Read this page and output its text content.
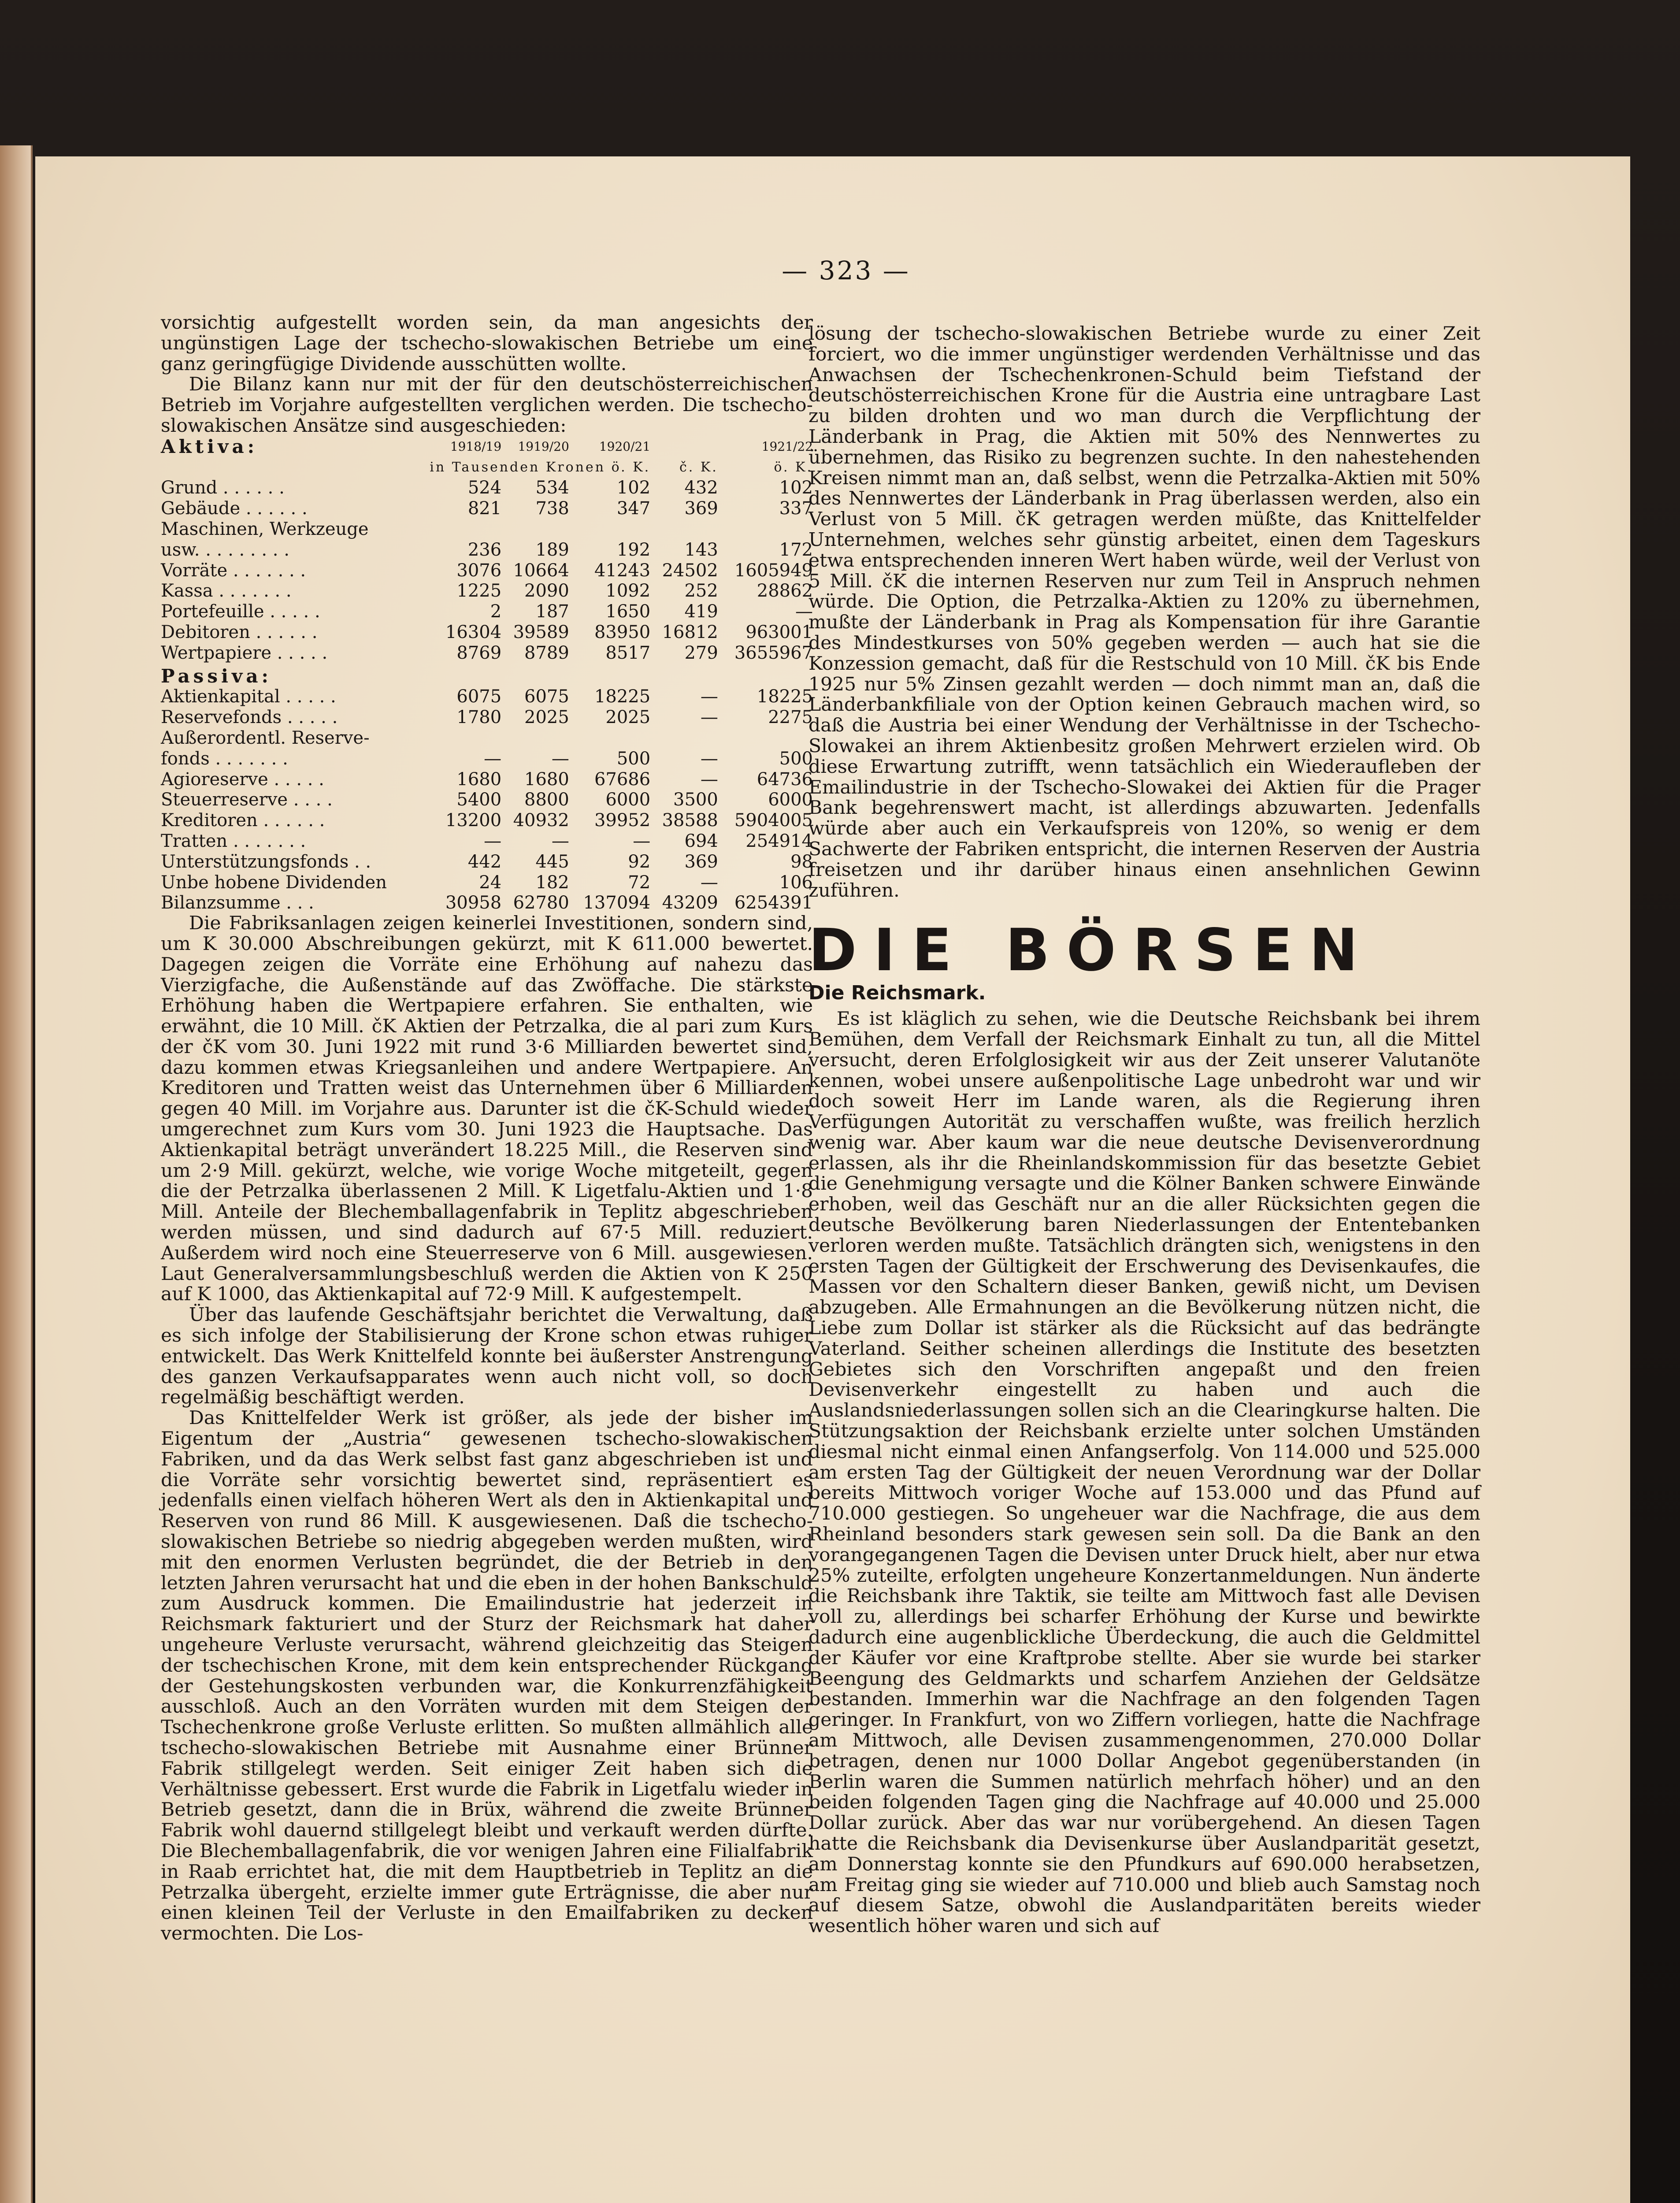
— 323 —

vorsichtig aufgestellt worden sein, da man angesichts der ungünstigen Lage der tschecho-slowakischen Betriebe um eine ganz geringfügige Dividende ausschütten wollte.

Die Bilanz kann nur mit der für den deutschösterreichischen Betrieb im Vorjahre aufgestellten verglichen werden. Die tschecho-slowakischen Ansätze sind ausgeschieden:

Aktiva:	1918/19	1919/20	1920/21		1921/22
in Tausenden Kronen ö. K.				č. K.	ö. K.
Grund . . . . . .	524	534	102	432	102
Gebäude . . . . . .	821	738	347	369	337
Maschinen, Werkzeuge					
usw. . . . . . . . .	236	189	192	143	172
Vorräte . . . . . . .	3076	10664	41243	24502	1605949
Kassa . . . . . . .	1225	2090	1092	252	28862
Portefeuille . . . . .	2	187	1650	419	—
Debitoren . . . . . .	16304	39589	83950	16812	963001
Wertpapiere . . . . .	8769	8789	8517	279	3655967
Passiva:					
Aktienkapital . . . . .	6075	6075	18225	—	18225
Reservefonds . . . . .	1780	2025	2025	—	2275
Außerordentl. Reserve-					
fonds . . . . . . .	—	—	500	—	500
Agioreserve . . . . .	1680	1680	67686	—	64736
Steuerreserve . . . .	5400	8800	6000	3500	6000
Kreditoren . . . . . .	13200	40932	39952	38588	5904005
Tratten . . . . . . .	—	—	—	694	254914
Unterstützungsfonds . .	442	445	92	369	98
Unbe hobene Dividenden	24	182	72	—	106
Bilanzsumme . . .	30958	62780	137094	43209	6254391

Die Fabriksanlagen zeigen keinerlei Investitionen, sondern sind, um K 30.000 Abschreibungen gekürzt, mit K 611.000 bewertet. Dagegen zeigen die Vorräte eine Erhöhung auf nahezu das Vierzigfache, die Außenstände auf das Zwöffache. Die stärkste Erhöhung haben die Wertpapiere erfahren. Sie enthalten, wie erwähnt, die 10 Mill. čK Aktien der Petrzalka, die al pari zum Kurs der čK vom 30. Juni 1922 mit rund 3·6 Milliarden bewertet sind, dazu kommen etwas Kriegsanleihen und andere Wertpapiere. An Kreditoren und Tratten weist das Unternehmen über 6 Milliarden gegen 40 Mill. im Vorjahre aus. Darunter ist die čK-Schuld wieder umgerechnet zum Kurs vom 30. Juni 1923 die Hauptsache. Das Aktienkapital beträgt unverändert 18.225 Mill., die Reserven sind um 2·9 Mill. gekürzt, welche, wie vorige Woche mitgeteilt, gegen die der Petrzalka überlassenen 2 Mill. K Ligetfalu-Aktien und 1·8 Mill. Anteile der Blechemballagenfabrik in Teplitz abgeschrieben werden müssen, und sind dadurch auf 67·5 Mill. reduziert. Außerdem wird noch eine Steuerreserve von 6 Mill. ausgewiesen. Laut Generalversammlungsbeschluß werden die Aktien von K 250 auf K 1000, das Aktienkapital auf 72·9 Mill. K aufgestempelt.

Über das laufende Geschäftsjahr berichtet die Verwaltung, daß es sich infolge der Stabilisierung der Krone schon etwas ruhiger entwickelt. Das Werk Knittelfeld konnte bei äußerster Anstrengung des ganzen Verkaufsapparates wenn auch nicht voll, so doch regelmäßig beschäftigt werden.

Das Knittelfelder Werk ist größer, als jede der bisher im Eigentum der „Austria“ gewesenen tschecho-slowakischen Fabriken, und da das Werk selbst fast ganz abgeschrieben ist und die Vorräte sehr vorsichtig bewertet sind, repräsentiert es jedenfalls einen vielfach höheren Wert als den in Aktienkapital und Reserven von rund 86 Mill. K ausgewiesenen. Daß die tschecho-slowakischen Betriebe so niedrig abgegeben werden mußten, wird mit den enormen Verlusten begründet, die der Betrieb in den letzten Jahren verursacht hat und die eben in der hohen Bankschuld zum Ausdruck kommen. Die Emailindustrie hat jederzeit in Reichsmark fakturiert und der Sturz der Reichsmark hat daher ungeheure Verluste verursacht, während gleichzeitig das Steigen der tschechischen Krone, mit dem kein entsprechender Rückgang der Gestehungskosten verbunden war, die Konkurrenzfähigkeit ausschloß. Auch an den Vorräten wurden mit dem Steigen der Tschechenkrone große Verluste erlitten. So mußten allmählich alle tschecho-slowakischen Betriebe mit Ausnahme einer Brünner Fabrik stillgelegt werden. Seit einiger Zeit haben sich die Verhältnisse gebessert. Erst wurde die Fabrik in Ligetfalu wieder in Betrieb gesetzt, dann die in Brüx, während die zweite Brünner Fabrik wohl dauernd stillgelegt bleibt und verkauft werden dürfte. Die Blechemballagenfabrik, die vor wenigen Jahren eine Filialfabrik in Raab errichtet hat, die mit dem Hauptbetrieb in Teplitz an die Petrzalka übergeht, erzielte immer gute Erträgnisse, die aber nur einen kleinen Teil der Verluste in den Emailfabriken zu decken vermochten. Die Los-

lösung der tschecho-slowakischen Betriebe wurde zu einer Zeit forciert, wo die immer ungünstiger werdenden Verhältnisse und das Anwachsen der Tschechenkronen-Schuld beim Tiefstand der deutschösterreichischen Krone für die Austria eine untragbare Last zu bilden drohten und wo man durch die Verpflichtung der Länderbank in Prag, die Aktien mit 50% des Nennwertes zu übernehmen, das Risiko zu begrenzen suchte. In den nahestehenden Kreisen nimmt man an, daß selbst, wenn die Petrzalka-Aktien mit 50% des Nennwertes der Länderbank in Prag überlassen werden, also ein Verlust von 5 Mill. čK getragen werden müßte, das Knittelfelder Unternehmen, welches sehr günstig arbeitet, einen dem Tageskurs etwa entsprechenden inneren Wert haben würde, weil der Verlust von 5 Mill. čK die internen Reserven nur zum Teil in Anspruch nehmen würde. Die Option, die Petrzalka-Aktien zu 120% zu übernehmen, mußte der Länderbank in Prag als Kompensation für ihre Garantie des Mindestkurses von 50% gegeben werden — auch hat sie die Konzession gemacht, daß für die Restschuld von 10 Mill. čK bis Ende 1925 nur 5% Zinsen gezahlt werden — doch nimmt man an, daß die Länderbankfiliale von der Option keinen Gebrauch machen wird, so daß die Austria bei einer Wendung der Verhältnisse in der Tschecho-Slowakei an ihrem Aktienbesitz großen Mehrwert erzielen wird. Ob diese Erwartung zutrifft, wenn tatsächlich ein Wiederaufleben der Emailindustrie in der Tschecho-Slowakei dei Aktien für die Prager Bank begehrenswert macht, ist allerdings abzuwarten. Jedenfalls würde aber auch ein Verkaufspreis von 120%, so wenig er dem Sachwerte der Fabriken entspricht, die internen Reserven der Austria freisetzen und ihr darüber hinaus einen ansehnlichen Gewinn zuführen.

DIE BÖRSEN
Die Reichsmark.

Es ist kläglich zu sehen, wie die Deutsche Reichsbank bei ihrem Bemühen, dem Verfall der Reichsmark Einhalt zu tun, all die Mittel versucht, deren Erfolglosigkeit wir aus der Zeit unserer Valutanöte kennen, wobei unsere außenpolitische Lage unbedroht war und wir doch soweit Herr im Lande waren, als die Regierung ihren Verfügungen Autorität zu verschaffen wußte, was freilich herzlich wenig war. Aber kaum war die neue deutsche Devisenverordnung erlassen, als ihr die Rheinlandskommission für das besetzte Gebiet die Genehmigung versagte und die Kölner Banken schwere Einwände erhoben, weil das Geschäft nur an die aller Rücksichten gegen die deutsche Bevölkerung baren Niederlassungen der Ententebanken verloren werden mußte. Tatsächlich drängten sich, wenigstens in den ersten Tagen der Gültigkeit der Erschwerung des Devisenkaufes, die Massen vor den Schaltern dieser Banken, gewiß nicht, um Devisen abzugeben. Alle Ermahnungen an die Bevölkerung nützen nicht, die Liebe zum Dollar ist stärker als die Rücksicht auf das bedrängte Vaterland. Seither scheinen allerdings die Institute des besetzten Gebietes sich den Vorschriften angepaßt und den freien Devisenverkehr eingestellt zu haben und auch die Auslandsniederlassungen sollen sich an die Clearingkurse halten. Die Stützungsaktion der Reichsbank erzielte unter solchen Umständen diesmal nicht einmal einen Anfangserfolg. Von 114.000 und 525.000 am ersten Tag der Gültigkeit der neuen Verordnung war der Dollar bereits Mittwoch voriger Woche auf 153.000 und das Pfund auf 710.000 gestiegen. So ungeheuer war die Nachfrage, die aus dem Rheinland besonders stark gewesen sein soll. Da die Bank an den vorangegangenen Tagen die Devisen unter Druck hielt, aber nur etwa 25% zuteilte, erfolgten ungeheure Konzertanmeldungen. Nun änderte die Reichsbank ihre Taktik, sie teilte am Mittwoch fast alle Devisen voll zu, allerdings bei scharfer Erhöhung der Kurse und bewirkte dadurch eine augenblickliche Überdeckung, die auch die Geldmittel der Käufer vor eine Kraftprobe stellte. Aber sie wurde bei starker Beengung des Geldmarkts und scharfem Anziehen der Geldsätze bestanden. Immerhin war die Nachfrage an den folgenden Tagen geringer. In Frankfurt, von wo Ziffern vorliegen, hatte die Nachfrage am Mittwoch, alle Devisen zusammengenommen, 270.000 Dollar betragen, denen nur 1000 Dollar Angebot gegenüberstanden (in Berlin waren die Summen natürlich mehrfach höher) und an den beiden folgenden Tagen ging die Nachfrage auf 40.000 und 25.000 Dollar zurück. Aber das war nur vorübergehend. An diesen Tagen hatte die Reichsbank dia Devisenkurse über Auslandparität gesetzt, am Donnerstag konnte sie den Pfundkurs auf 690.000 herabsetzen, am Freitag ging sie wieder auf 710.000 und blieb auch Samstag noch auf diesem Satze, obwohl die Auslandparitäten bereits wieder wesentlich höher waren und sich auf
